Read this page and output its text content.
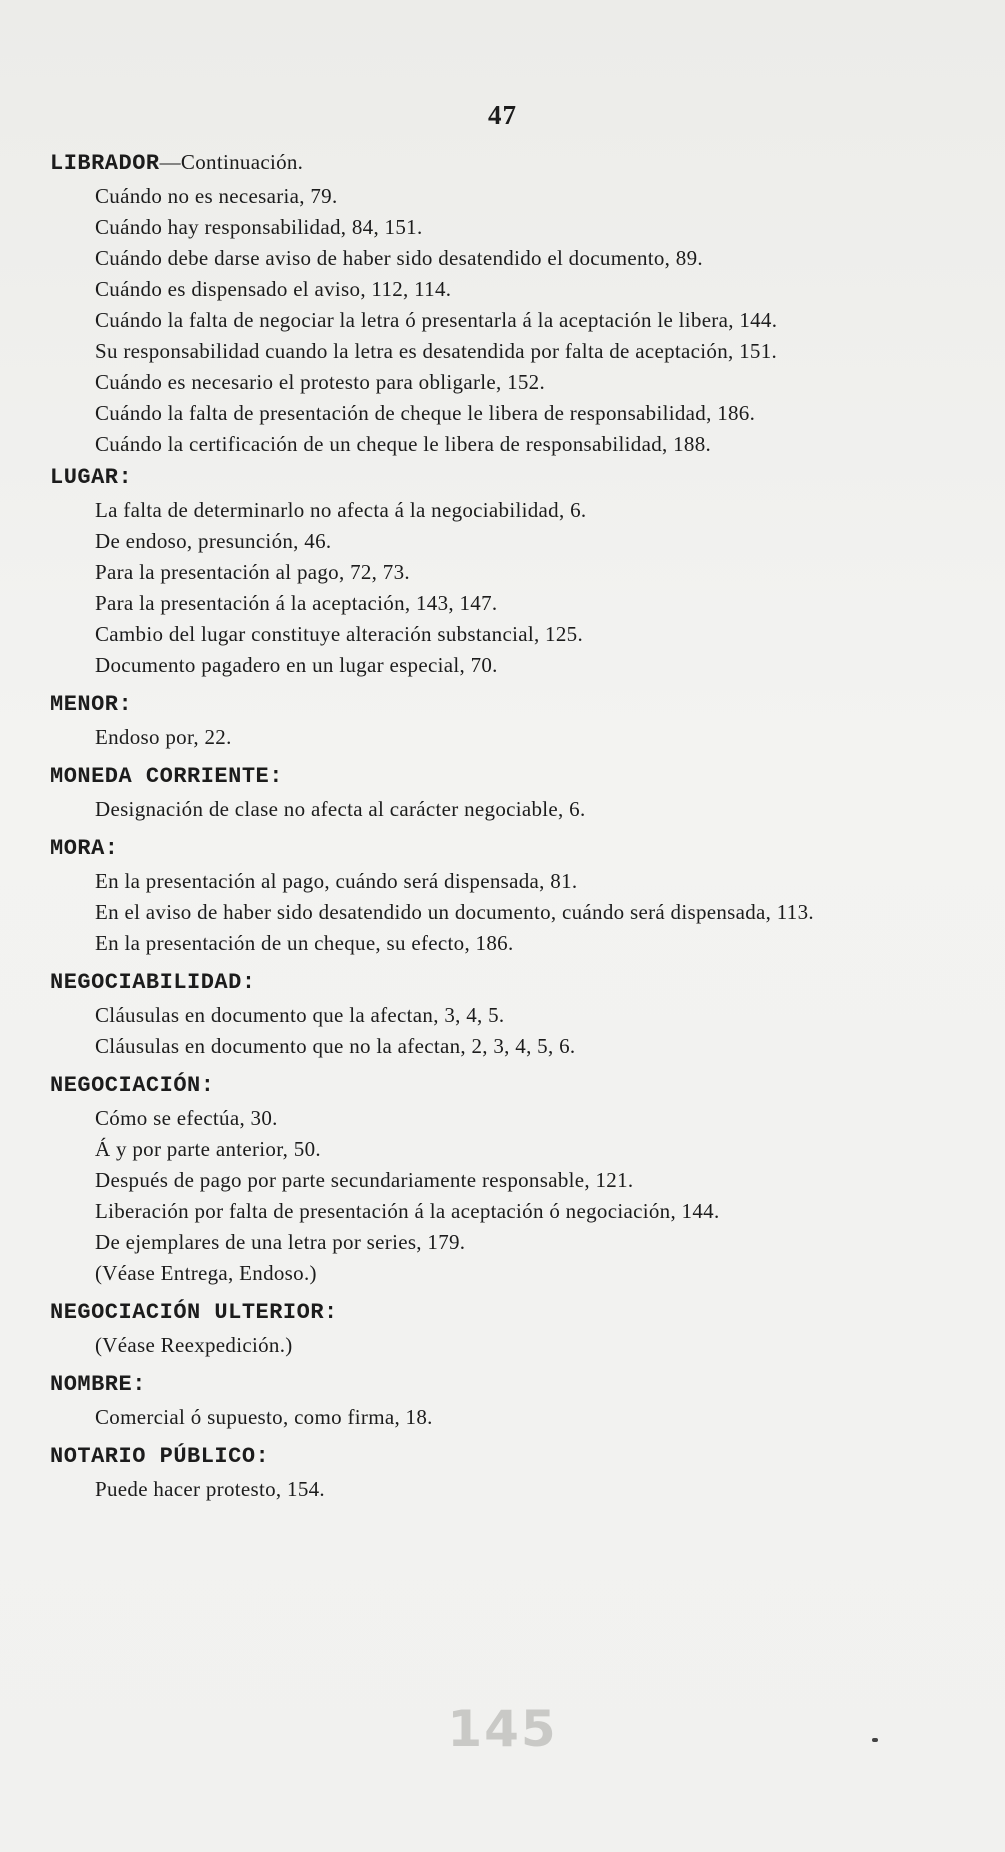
47
LIBRADOR—Continuación.
Cuándo no es necesaria, 79.
Cuándo hay responsabilidad, 84, 151.
Cuándo debe darse aviso de haber sido desatendido el documento, 89.
Cuándo es dispensado el aviso, 112, 114.
Cuándo la falta de negociar la letra ó presentarla á la aceptación le libera, 144.
Su responsabilidad cuando la letra es desatendida por falta de aceptación, 151.
Cuándo es necesario el protesto para obligarle, 152.
Cuándo la falta de presentación de cheque le libera de responsabilidad, 186.
Cuándo la certificación de un cheque le libera de responsabilidad, 188.
LUGAR:
La falta de determinarlo no afecta á la negociabilidad, 6.
De endoso, presunción, 46.
Para la presentación al pago, 72, 73.
Para la presentación á la aceptación, 143, 147.
Cambio del lugar constituye alteración substancial, 125.
Documento pagadero en un lugar especial, 70.
MENOR:
Endoso por, 22.
MONEDA CORRIENTE:
Designación de clase no afecta al carácter negociable, 6.
MORA:
En la presentación al pago, cuándo será dispensada, 81.
En el aviso de haber sido desatendido un documento, cuándo será dispensada, 113.
En la presentación de un cheque, su efecto, 186.
NEGOCIABILIDAD:
Cláusulas en documento que la afectan, 3, 4, 5.
Cláusulas en documento que no la afectan, 2, 3, 4, 5, 6.
NEGOCIACIÓN:
Cómo se efectúa, 30.
Á y por parte anterior, 50.
Después de pago por parte secundariamente responsable, 121.
Liberación por falta de presentación á la aceptación ó negociación, 144.
De ejemplares de una letra por series, 179.
(Véase Entrega, Endoso.)
NEGOCIACIÓN ULTERIOR:
(Véase Reexpedición.)
NOMBRE:
Comercial ó supuesto, como firma, 18.
NOTARIO PÚBLICO:
Puede hacer protesto, 154.
145
